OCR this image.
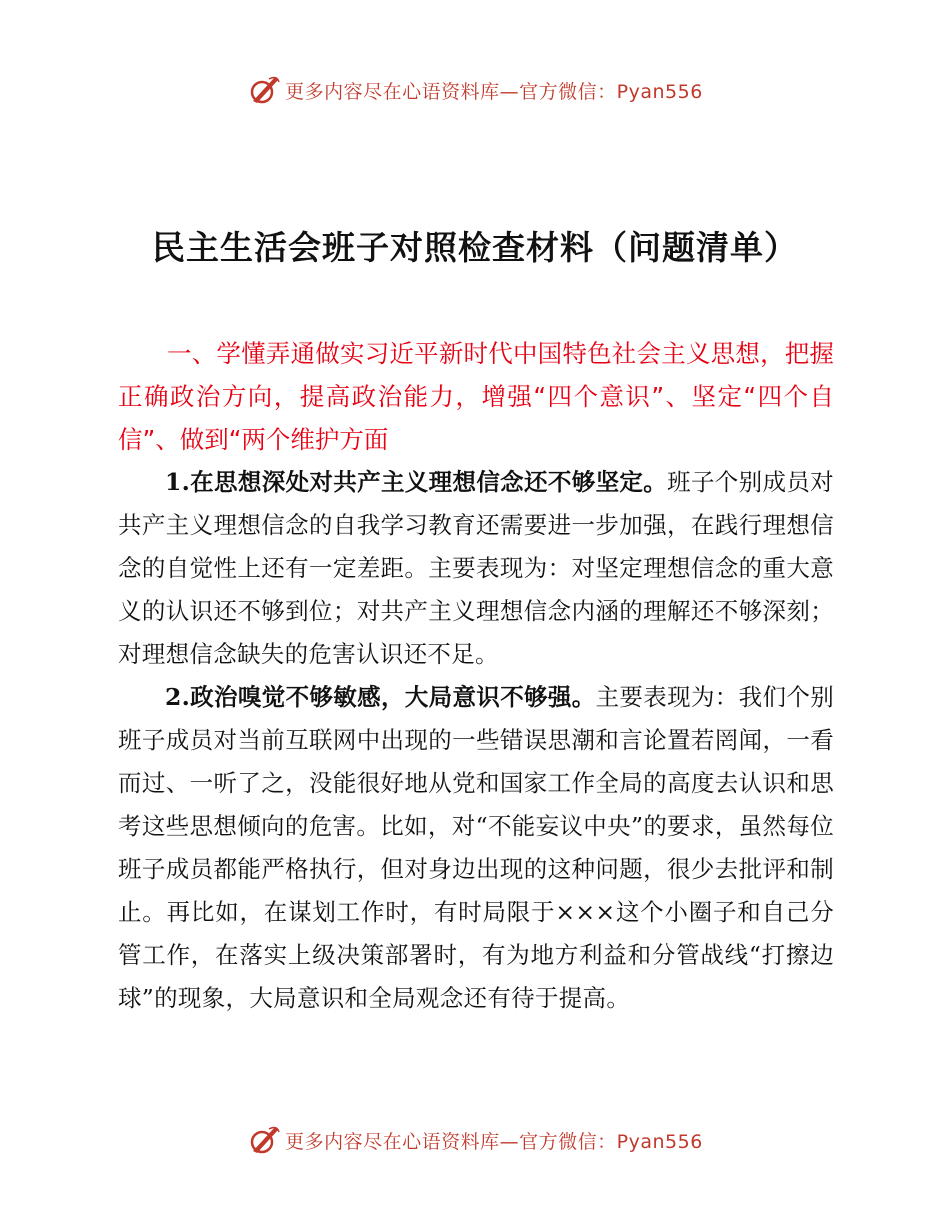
更多内容尽在心语资料库—官方微信：Pyan556
民主生活会班子对照检查材料（问题清单）

一、学懂弄通做实习近平新时代中国特色社会主义思想，把握正确政治方向，提高政治能力，增强“四个意识”、坚定“四个自信”、做到“两个维护方面

1.在思想深处对共产主义理想信念还不够坚定。班子个别成员对共产主义理想信念的自我学习教育还需要进一步加强，在践行理想信念的自觉性上还有一定差距。主要表现为：对坚定理想信念的重大意义的认识还不够到位；对共产主义理想信念内涵的理解还不够深刻；对理想信念缺失的危害认识还不足。

2.政治嗅觉不够敏感，大局意识不够强。主要表现为：我们个别班子成员对当前互联网中出现的一些错误思潮和言论置若罔闻，一看而过、一听了之，没能很好地从党和国家工作全局的高度去认识和思考这些思想倾向的危害。比如，对“不能妄议中央”的要求，虽然每位班子成员都能严格执行，但对身边出现的这种问题，很少去批评和制止。再比如，在谋划工作时，有时局限于×××这个小圈子和自己分管工作，在落实上级决策部署时，有为地方利益和分管战线“打擦边球”的现象，大局意识和全局观念还有待于提高。

更多内容尽在心语资料库—官方微信：Pyan556
